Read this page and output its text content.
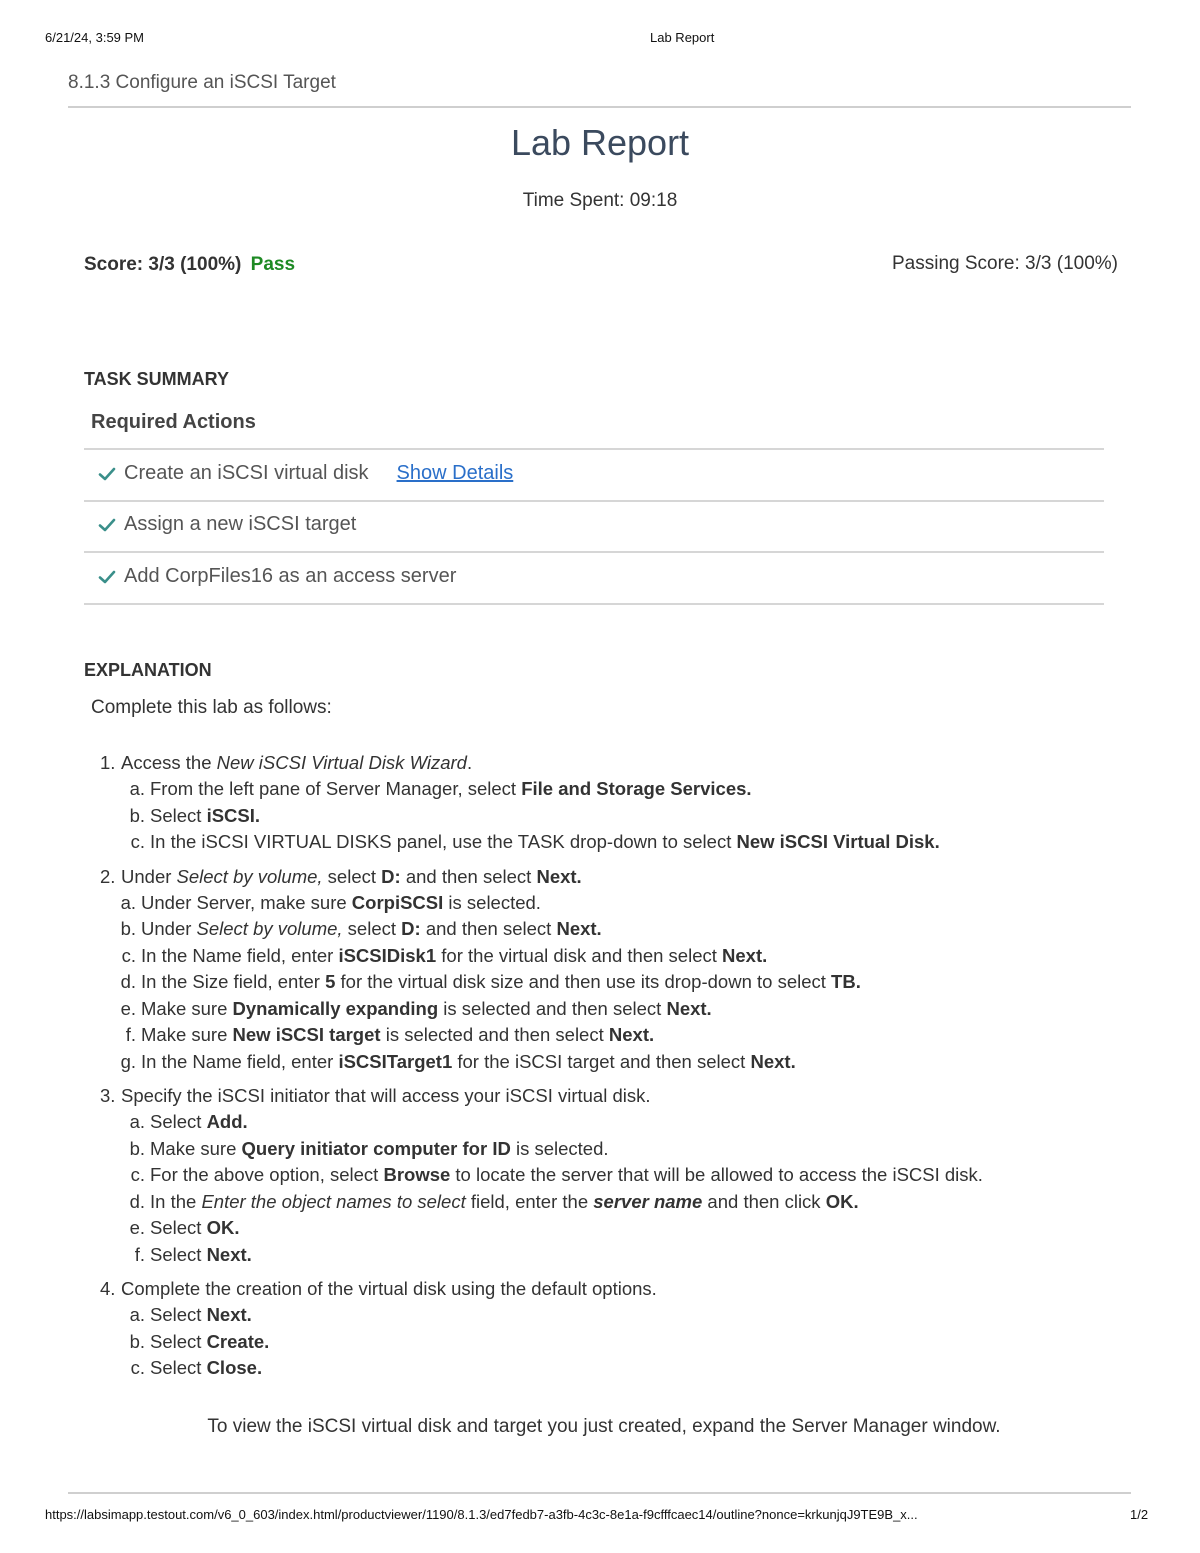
6/21/24, 3:59 PM	Lab Report
8.1.3 Configure an iSCSI Target
Lab Report
Time Spent: 09:18
Score: 3/3 (100%) Pass	Passing Score: 3/3 (100%)
TASK SUMMARY
Required Actions
Create an iSCSI virtual disk Show Details
Assign a new iSCSI target
Add CorpFiles16 as an access server
EXPLANATION
Complete this lab as follows:
1. Access the New iSCSI Virtual Disk Wizard.
a. From the left pane of Server Manager, select File and Storage Services.
b. Select iSCSI.
c. In the iSCSI VIRTUAL DISKS panel, use the TASK drop-down to select New iSCSI Virtual Disk.
2. Under Select by volume, select D: and then select Next.
a. Under Server, make sure CorpiSCSI is selected.
b. Under Select by volume, select D: and then select Next.
c. In the Name field, enter iSCSIDisk1 for the virtual disk and then select Next.
d. In the Size field, enter 5 for the virtual disk size and then use its drop-down to select TB.
e. Make sure Dynamically expanding is selected and then select Next.
f. Make sure New iSCSI target is selected and then select Next.
g. In the Name field, enter iSCSITarget1 for the iSCSI target and then select Next.
3. Specify the iSCSI initiator that will access your iSCSI virtual disk.
a. Select Add.
b. Make sure Query initiator computer for ID is selected.
c. For the above option, select Browse to locate the server that will be allowed to access the iSCSI disk.
d. In the Enter the object names to select field, enter the server name and then click OK.
e. Select OK.
f. Select Next.
4. Complete the creation of the virtual disk using the default options.
a. Select Next.
b. Select Create.
c. Select Close.
To view the iSCSI virtual disk and target you just created, expand the Server Manager window.
https://labsimapp.testout.com/v6_0_603/index.html/productviewer/1190/8.1.3/ed7fedb7-a3fb-4c3c-8e1a-f9cfffcaec14/outline?nonce=krkunjqJ9TE9B_x...	1/2
